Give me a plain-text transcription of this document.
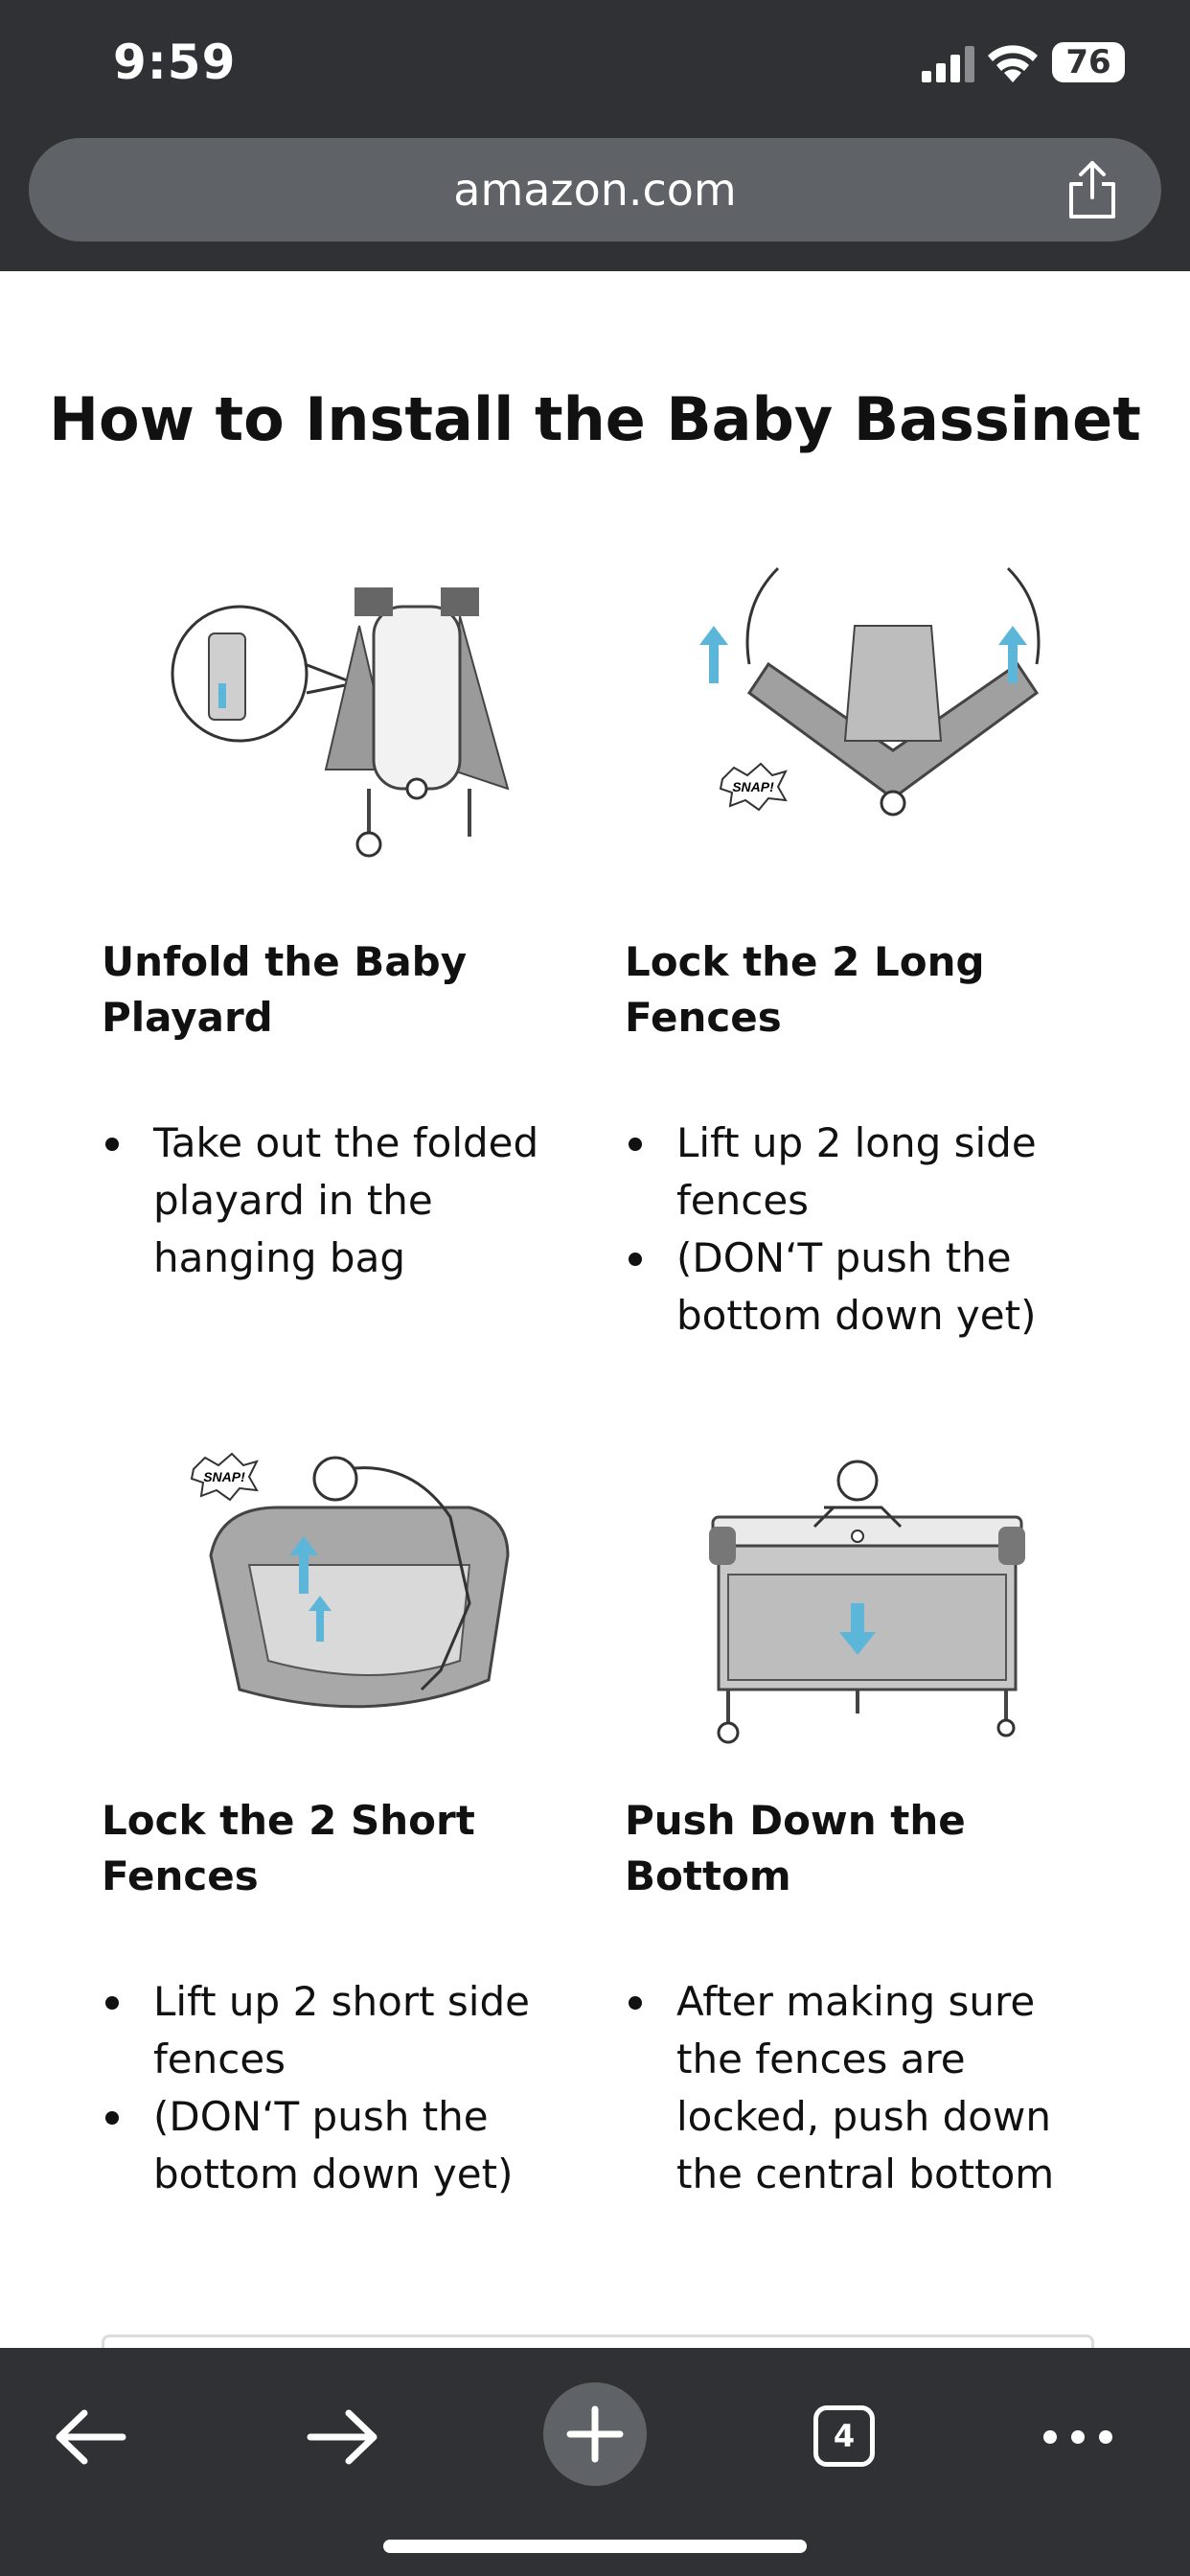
9:59	76
amazon.com
How to Install the Baby Bassinet
Unfold the Baby Playard
Take out the folded playard in the hanging bag
SNAP!
Lock the 2 Long Fences
Lift up 2 long side fences
(DON‘T push the bottom down yet)
SNAP!
Lock the 2 Short Fences
Lift up 2 short side fences
(DON‘T push the bottom down yet)
Push Down the Bottom
After making sure the fences are locked, push down the central bottom
4
